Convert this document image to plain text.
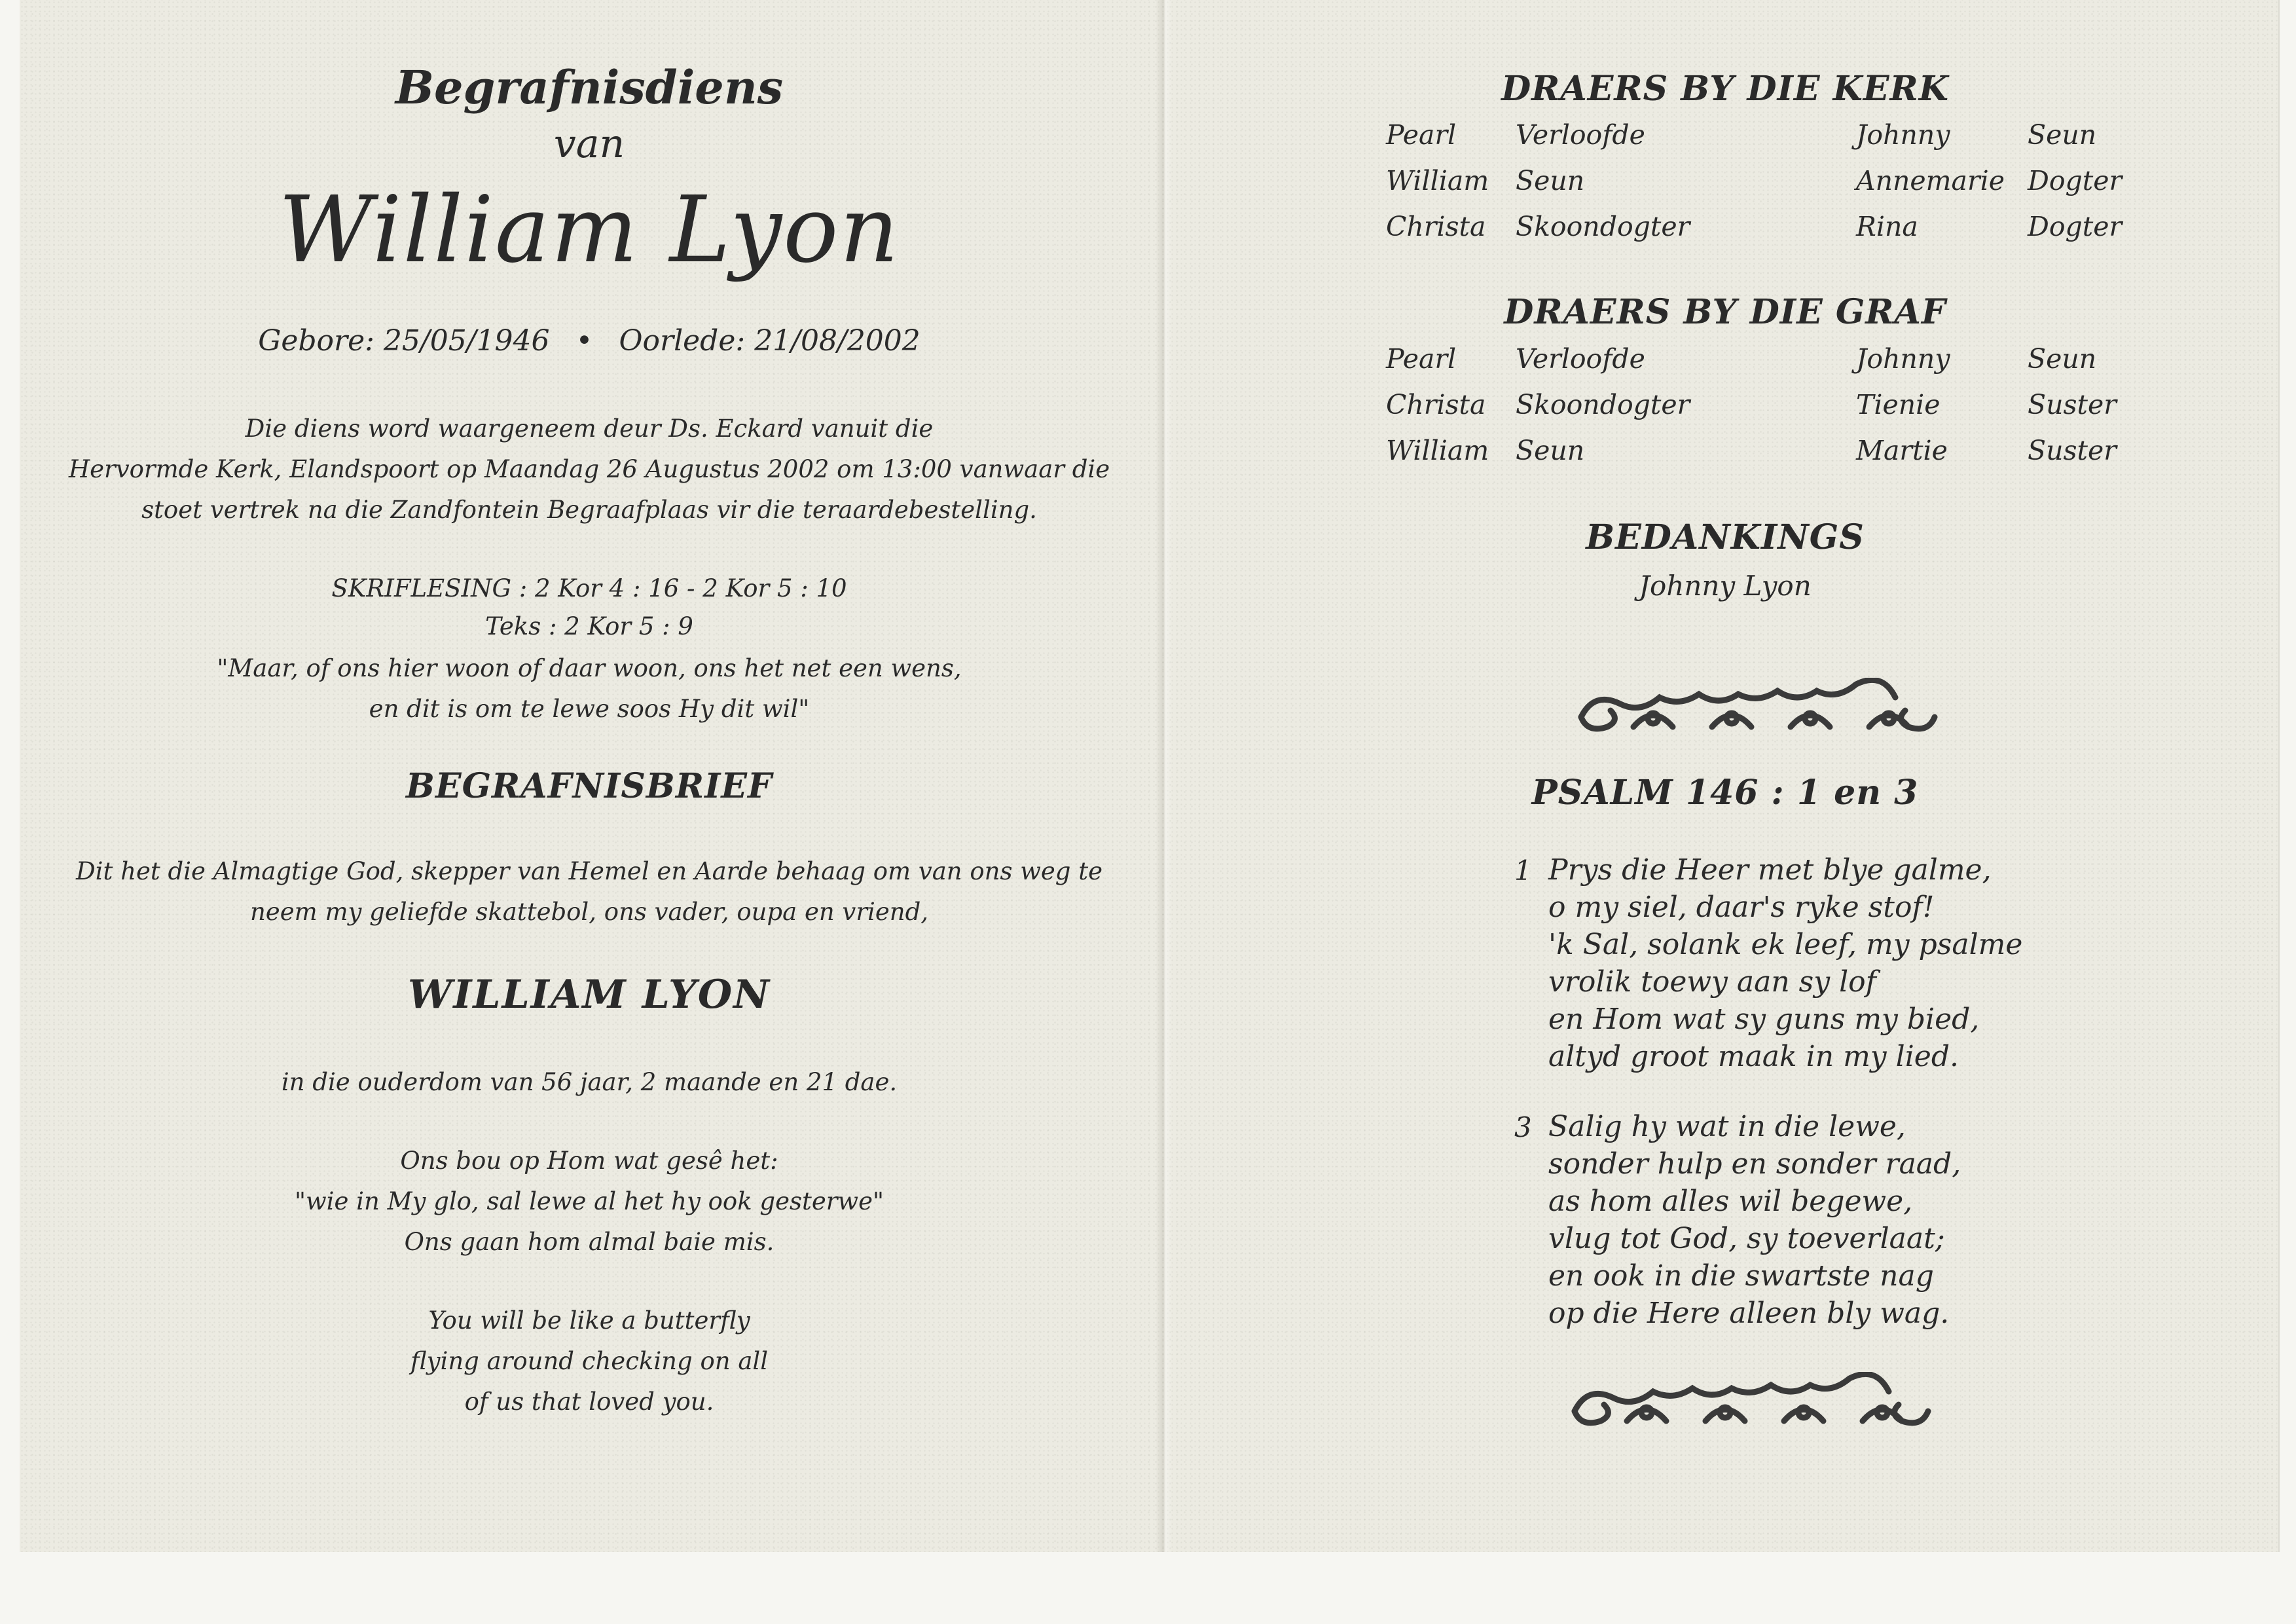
Begrafnisdiens
van
William Lyon
Gebore: 25/05/1946 • Oorlede: 21/08/2002
Die diens word waargeneem deur Ds. Eckard vanuit die
Hervormde Kerk, Elandspoort op Maandag 26 Augustus 2002 om 13:00 vanwaar die
stoet vertrek na die Zandfontein Begraafplaas vir die teraardebestelling.
SKRIFLESING : 2 Kor 4 : 16 - 2 Kor 5 : 10
Teks : 2 Kor 5 : 9
"Maar, of ons hier woon of daar woon, ons het net een wens,
en dit is om te lewe soos Hy dit wil"
BEGRAFNISBRIEF
Dit het die Almagtige God, skepper van Hemel en Aarde behaag om van ons weg te
neem my geliefde skattebol, ons vader, oupa en vriend,
WILLIAM LYON
in die ouderdom van 56 jaar, 2 maande en 21 dae.
Ons bou op Hom wat gesê het:
"wie in My glo, sal lewe al het hy ook gesterwe"
Ons gaan hom almal baie mis.
You will be like a butterfly
flying around checking on all
of us that loved you.
DRAERS BY DIE KERK
Pearl Verloofde	Johnny	Seun
William Seun	Annemarie Dogter
Christa Skoondogter	Rina	Dogter
DRAERS BY DIE GRAF
Pearl Verloofde	Johnny	Seun
Christa Skoondogter	Tienie	Suster
William Seun	Martie	Suster
BEDANKINGS
Johnny Lyon
PSALM 146 : 1 en 3
1 Prys die Heer met blye galme,
o my siel, daar's ryke stof!
'k Sal, solank ek leef, my psalme
vrolik toewy aan sy lof
en Hom wat sy guns my bied,
altyd groot maak in my lied.
3 Salig hy wat in die lewe,
sonder hulp en sonder raad,
as hom alles wil begewe,
vlug tot God, sy toeverlaat;
en ook in die swartste nag
op die Here alleen bly wag.
